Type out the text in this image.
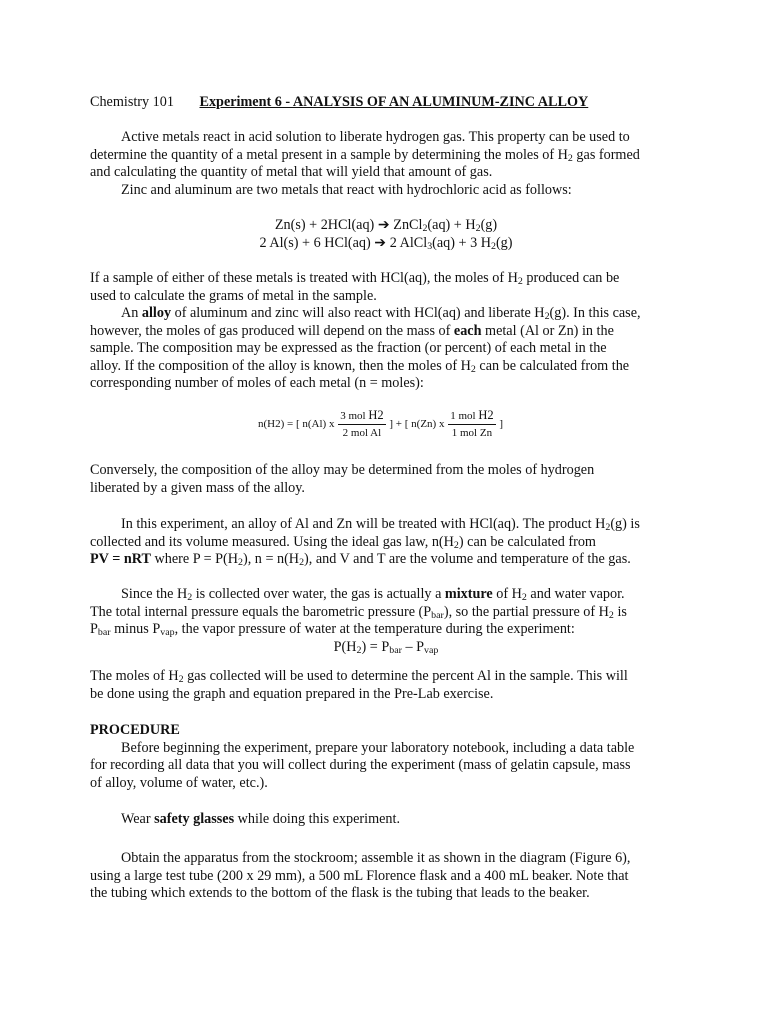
Chemistry 101 Experiment 6 - ANALYSIS OF AN ALUMINUM-ZINC ALLOY
Active metals react in acid solution to liberate hydrogen gas. This property can be used to
determine the quantity of a metal present in a sample by determining the moles of $H_2$ gas formed
and calculating the quantity of metal that will yield that amount of gas.
Zinc and aluminum are two metals that react with hydrochloric acid as follows:
Zn(s) + 2HCl(aq) ➔ ZnCl$_2$(aq) + $H_2(g)$
2 Al(s) + 6 HCl(aq) ➔ 2 AlCl$_3$(aq) + 3 $H_2(g)$
If a sample of either of these metals is treated with HCl(aq), the moles of $H_2$ produced can be
used to calculate the grams of metal in the sample.
An alloy of aluminum and zinc will also react with HCl(aq) and liberate $H_2(g)$. In this case,
however, the moles of gas produced will depend on the mass of each metal (Al or Zn) in the
sample. The composition may be expressed as the fraction (or percent) of each metal in the
alloy. If the composition of the alloy is known, then the moles of $H_2$ can be calculated from the
corresponding number of moles of each metal (n = moles):
n(H2) = [ n(Al) x $\frac{\text{3 mol H2}}{\text{2 mol Al}}$ ] + [ n(Zn) x $\frac{\text{1 mol H2}}{\text{1 mol Zn}}$ ]
Conversely, the composition of the alloy may be determined from the moles of hydrogen
liberated by a given mass of the alloy.
In this experiment, an alloy of Al and Zn will be treated with HCl(aq). The product $H_2(g)$ is
collected and its volume measured. Using the ideal gas law, $n(H_2)$ can be calculated from
PV = nRT where $P = P(H_2)$, $n = n(H_2)$, and V and T are the volume and temperature of the gas.
Since the $H_2$ is collected over water, the gas is actually a mixture of $H_2$ and water vapor.
The total internal pressure equals the barometric pressure $(P_{bar})$, so the partial pressure of $H_2$ is
$P_{bar}$ minus $P_{vap}$, the vapor pressure of water at the temperature during the experiment:
$P(H_2) = P_{bar} - P_{vap}$
The moles of $H_2$ gas collected will be used to determine the percent Al in the sample. This will
be done using the graph and equation prepared in the Pre-Lab exercise.
PROCEDURE
Before beginning the experiment, prepare your laboratory notebook, including a data table
for recording all data that you will collect during the experiment (mass of gelatin capsule, mass
of alloy, volume of water, etc.).
Wear safety glasses while doing this experiment.
Obtain the apparatus from the stockroom; assemble it as shown in the diagram (Figure 6),
using a large test tube (200 x 29 mm), a 500 mL Florence flask and a 400 mL beaker. Note that
the tubing which extends to the bottom of the flask is the tubing that leads to the beaker.
